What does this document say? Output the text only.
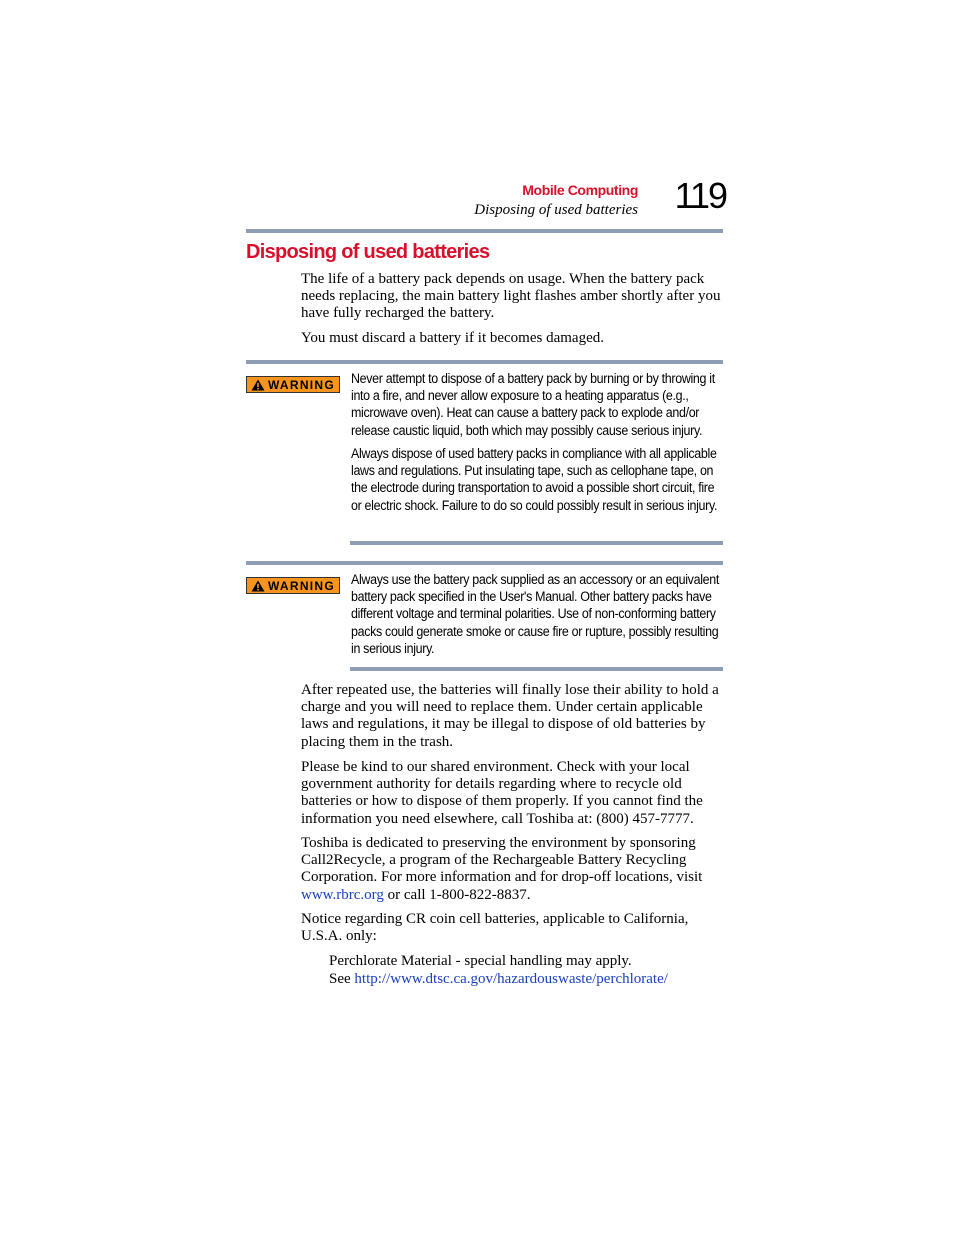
Mobile Computing
Disposing of used batteries	119
Disposing of used batteries

The life of a battery pack depends on usage. When the battery pack needs replacing, the main battery light flashes amber shortly after you have fully recharged the battery.

You must discard a battery if it becomes damaged.

WARNING Never attempt to dispose of a battery pack by burning or by throwing it into a fire, and never allow exposure to a heating apparatus (e.g., microwave oven). Heat can cause a battery pack to explode and/or release caustic liquid, both which may possibly cause serious injury.

Always dispose of used battery packs in compliance with all applicable laws and regulations. Put insulating tape, such as cellophane tape, on the electrode during transportation to avoid a possible short circuit, fire or electric shock. Failure to do so could possibly result in serious injury.

WARNING Always use the battery pack supplied as an accessory or an equivalent battery pack specified in the User's Manual. Other battery packs have different voltage and terminal polarities. Use of non-conforming battery packs could generate smoke or cause fire or rupture, possibly resulting in serious injury.

After repeated use, the batteries will finally lose their ability to hold a charge and you will need to replace them. Under certain applicable laws and regulations, it may be illegal to dispose of old batteries by placing them in the trash.

Please be kind to our shared environment. Check with your local government authority for details regarding where to recycle old batteries or how to dispose of them properly. If you cannot find the information you need elsewhere, call Toshiba at: (800) 457-7777.

Toshiba is dedicated to preserving the environment by sponsoring Call2Recycle, a program of the Rechargeable Battery Recycling Corporation. For more information and for drop-off locations, visit www.rbrc.org or call 1-800-822-8837.

Notice regarding CR coin cell batteries, applicable to California, U.S.A. only:

Perchlorate Material - special handling may apply.

See http://www.dtsc.ca.gov/hazardouswaste/perchlorate/
